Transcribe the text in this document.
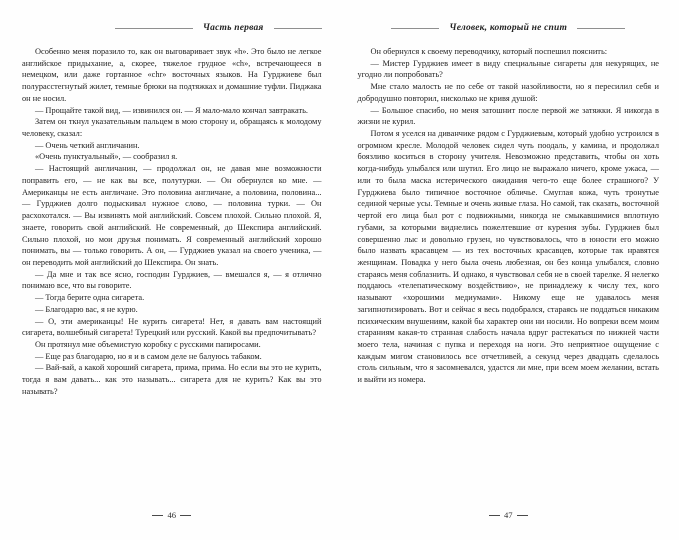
Часть первая

Особенно меня поразило то, как он выговаривает звук «h». Это было не легкое английское придыхание, а, скорее, тяжелое грудное «ch», встречающееся в немецком, или даже гортанное «chr» восточных языков. На Гурджиеве был полурасстегнутый жилет, темные брюки на подтяжках и домашние туфли. Пиджака он не носил.

— Прощайте такой вид, — извинился он. — Я мало-мало кончал завтракать.

Затем он ткнул указательным пальцем в мою сторону и, обращаясь к молодому человеку, сказал:

— Очень четкий англичанин.

«Очень пунктуальный», — сообразил я.

— Настоящий англичанин, — продолжал он, не давая мне возможности поправить его, — не как вы все, полутурки. — Он обернулся ко мне. — Американцы не есть англичане. Это половина англичане, а половина, половина... — Гурджиев долго подыскивал нужное слово, — половина турки. — Он расхохотался. — Вы извинять мой английский. Совсем плохой. Сильно плохой. Я, знаете, говорить свой английский. Не современный, до Шекспира английский. Сильно плохой, но мои друзья понимать. Я современный английский хорошо понимать, вы — только говорить. А он, — Гурджиев указал на своего ученика, — он переводить мой английский до Шекспира. Он знать.

— Да мне и так все ясно, господин Гурджиев, — вмешался я, — я отлично понимаю все, что вы говорите.

— Тогда берите одна сигарета.

— Благодарю вас, я не курю.

— О, эти американцы! Не курить сигарета! Нет, я давать вам настоящий сигарета, волшебный сигарета! Турецкий или русский. Какой вы предпочитывать?

Он протянул мне объемистую коробку с русскими папиросами.

— Еще раз благодарю, но я и в самом деле не балуюсь табаком.

— Вай-вай, а какой хороший сигарета, прима, прима. Но если вы это не курить, тогда я вам давать... как это называть... сигарета для не курить? Как вы это называть?

46
Человек, который не спит

Он обернулся к своему переводчику, который поспешил пояснить:

— Мистер Гурджиев имеет в виду специальные сигареты для некурящих, не угодно ли попробовать?

Мне стало малость не по себе от такой назойливости, но я пересилил себя и добродушно повторил, нисколько не кривя душой:

— Большое спасибо, но меня затошнит после первой же затяжки. Я никогда в жизни не курил.

Потом я уселся на диванчике рядом с Гурджиевым, который удобно устроился в огромном кресле. Молодой человек сидел чуть поодаль, у камина, и продолжал боязливо коситься в сторону учителя. Невозможно представить, чтобы он хоть когда-нибудь улыбался или шутил. Его лицо не выражало ничего, кроме ужаса, — или то была маска истерического ожидания чего-то еще более страшного? У Гурджиева было типичное восточное обличье. Смуглая кожа, чуть тронутые сединой черные усы. Темные и очень живые глаза. Но самой, так сказать, восточной чертой его лица был рот с подвижными, никогда не смыкавшимися вплотную губами, за которыми виднелись пожелтевшие от курения зубы. Гурджиев был совершенно лыс и довольно грузен, но чувствовалось, что в юности его можно было назвать красавцем — из тех восточных красавцев, которые так нравятся женщинам. Повадка у него была очень любезная, он без конца улыбался, словно стараясь меня соблазнить. И однако, я чувствовал себя не в своей тарелке. Я нелегко поддаюсь «телепатическому воздействию», не принадлежу к числу тех, кого называют «хорошими медиумами». Никому еще не удавалось меня загипнотизировать. Вот и сейчас я весь подобрался, стараясь не поддаться никаким психическим внушениям, какой бы характер они ни носили. Но вопреки всем моим стараниям какая-то странная слабость начала вдруг растекаться по нижней части моего тела, начиная с пупка и переходя на ноги. Это неприятное ощущение с каждым мигом становилось все отчетливей, а секунд через двадцать сделалось столь сильным, что я засомневался, удастся ли мне, при всем моем желании, встать и выйти из номера.

47
